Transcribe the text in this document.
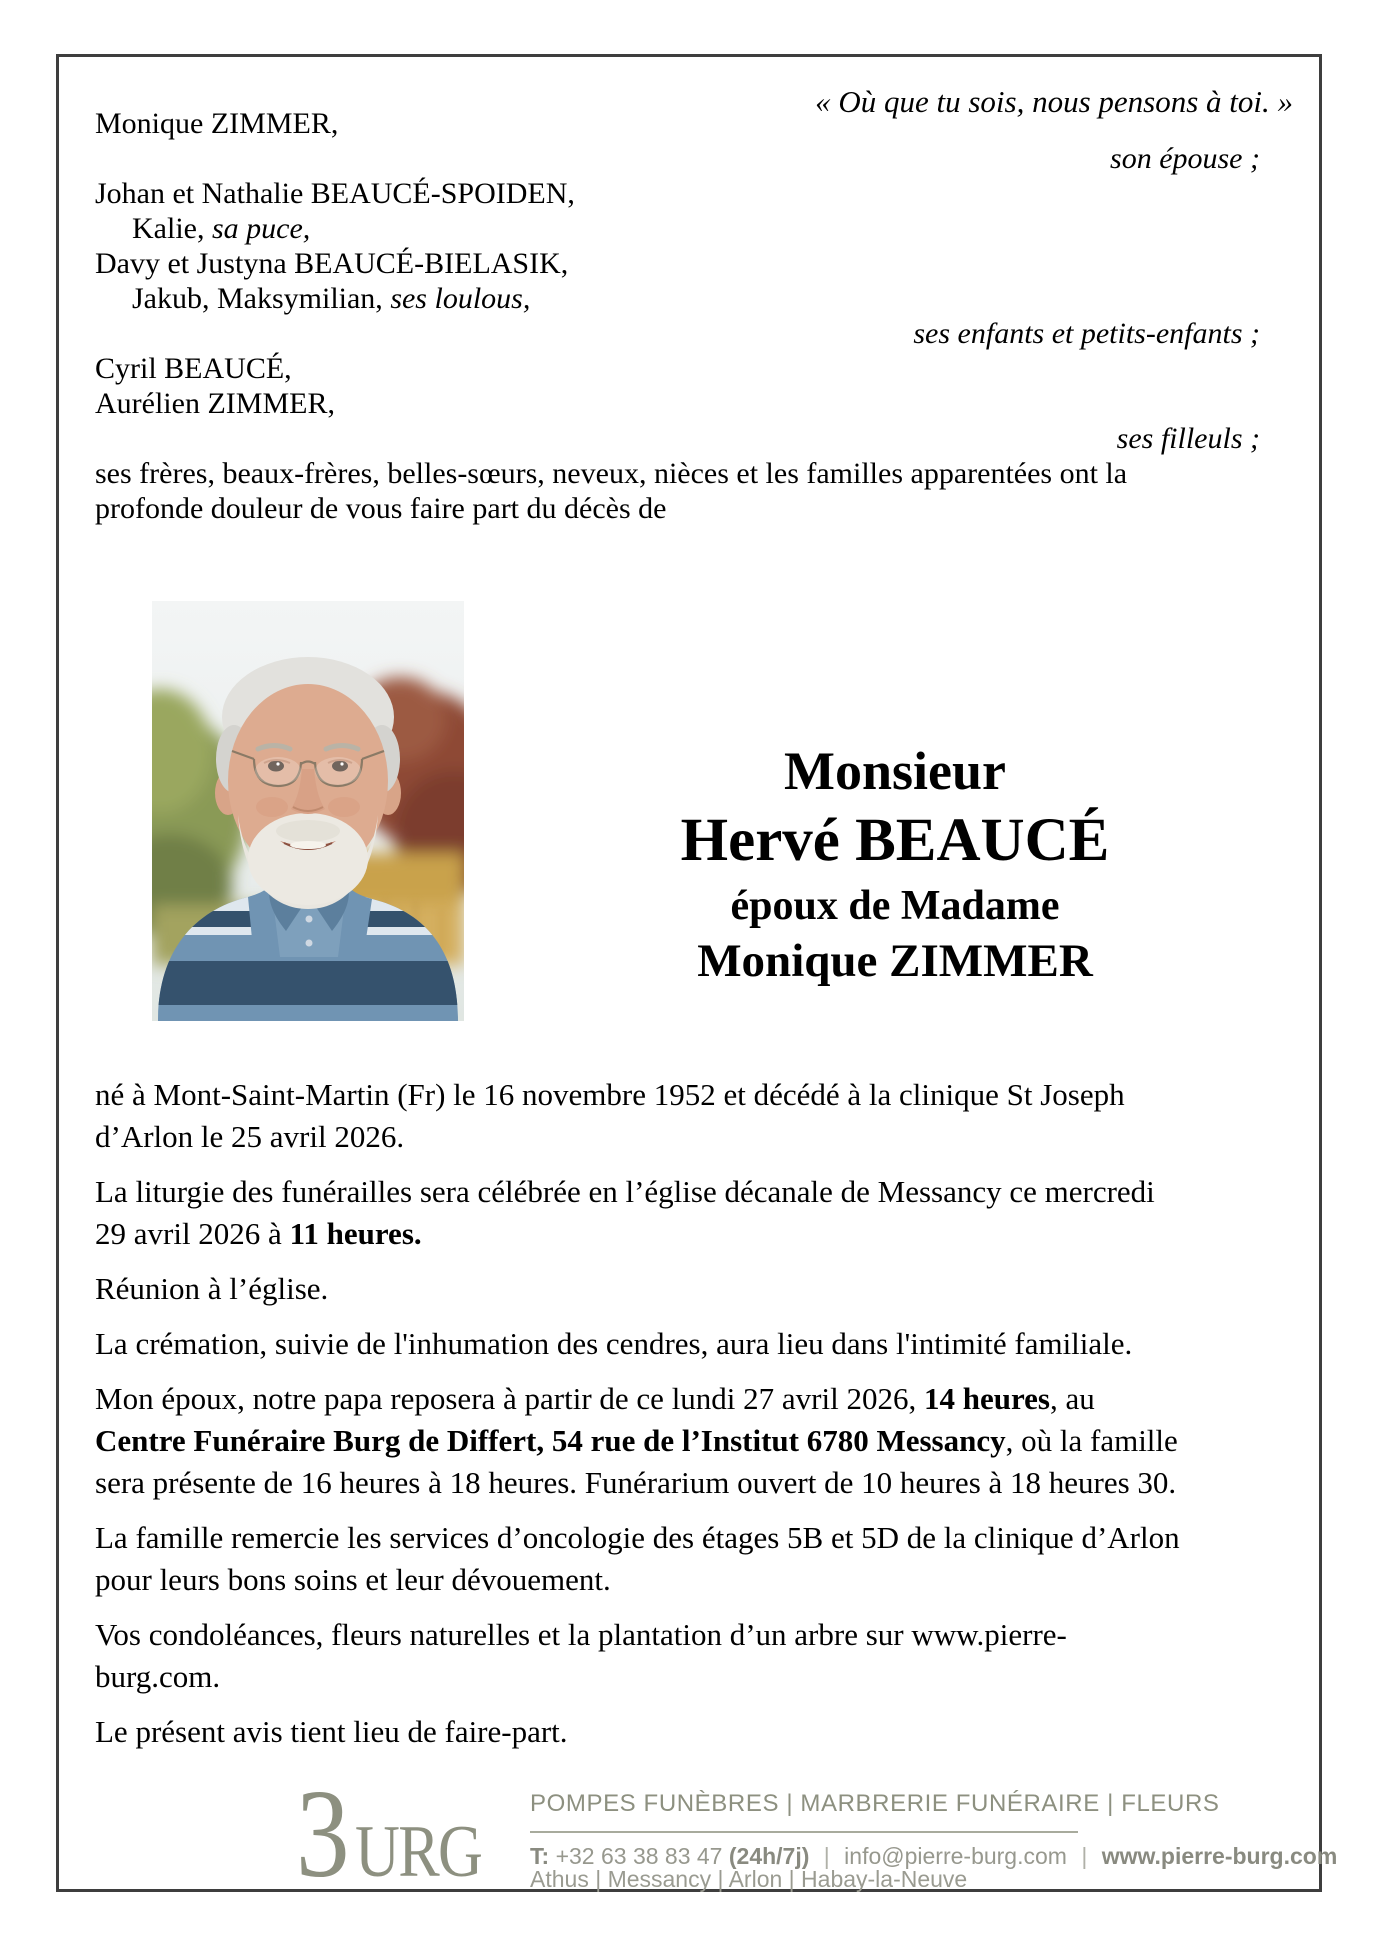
« Où que tu sois, nous pensons à toi. »
Monique ZIMMER,
son épouse ;
Johan et Nathalie BEAUCÉ-SPOIDEN,
Kalie, sa puce,
Davy et Justyna BEAUCÉ-BIELASIK,
Jakub, Maksymilian, ses loulous,
ses enfants et petits-enfants ;
Cyril BEAUCÉ,
Aurélien ZIMMER,
ses filleuls ;
ses frères, beaux-frères, belles-sœurs, neveux, nièces et les familles apparentées ont la
profonde douleur de vous faire part du décès de
Monsieur
Hervé BEAUCÉ
époux de Madame
Monique ZIMMER

né à Mont-Saint-Martin (Fr) le 16 novembre 1952 et décédé à la clinique St Joseph
d’Arlon le 25 avril 2026.

La liturgie des funérailles sera célébrée en l’église décanale de Messancy ce mercredi
29 avril 2026 à 11 heures.

Réunion à l’église.

La crémation, suivie de l'inhumation des cendres, aura lieu dans l'intimité familiale.

Mon époux, notre papa reposera à partir de ce lundi 27 avril 2026, 14 heures, au
Centre Funéraire Burg de Differt, 54 rue de l’Institut 6780 Messancy, où la famille
sera présente de 16 heures à 18 heures. Funérarium ouvert de 10 heures à 18 heures 30.

La famille remercie les services d’oncologie des étages 5B et 5D de la clinique d’Arlon
pour leurs bons soins et leur dévouement.

Vos condoléances, fleurs naturelles et la plantation d’un arbre sur www.pierre-
burg.com.

Le présent avis tient lieu de faire-part.

3URG
POMPES FUNÈBRES | MARBRERIE FUNÉRAIRE | FLEURS
T: +32 63 38 83 47 (24h/7j) | info@pierre-burg.com | www.pierre-burg.com
Athus | Messancy | Arlon | Habay-la-Neuve
